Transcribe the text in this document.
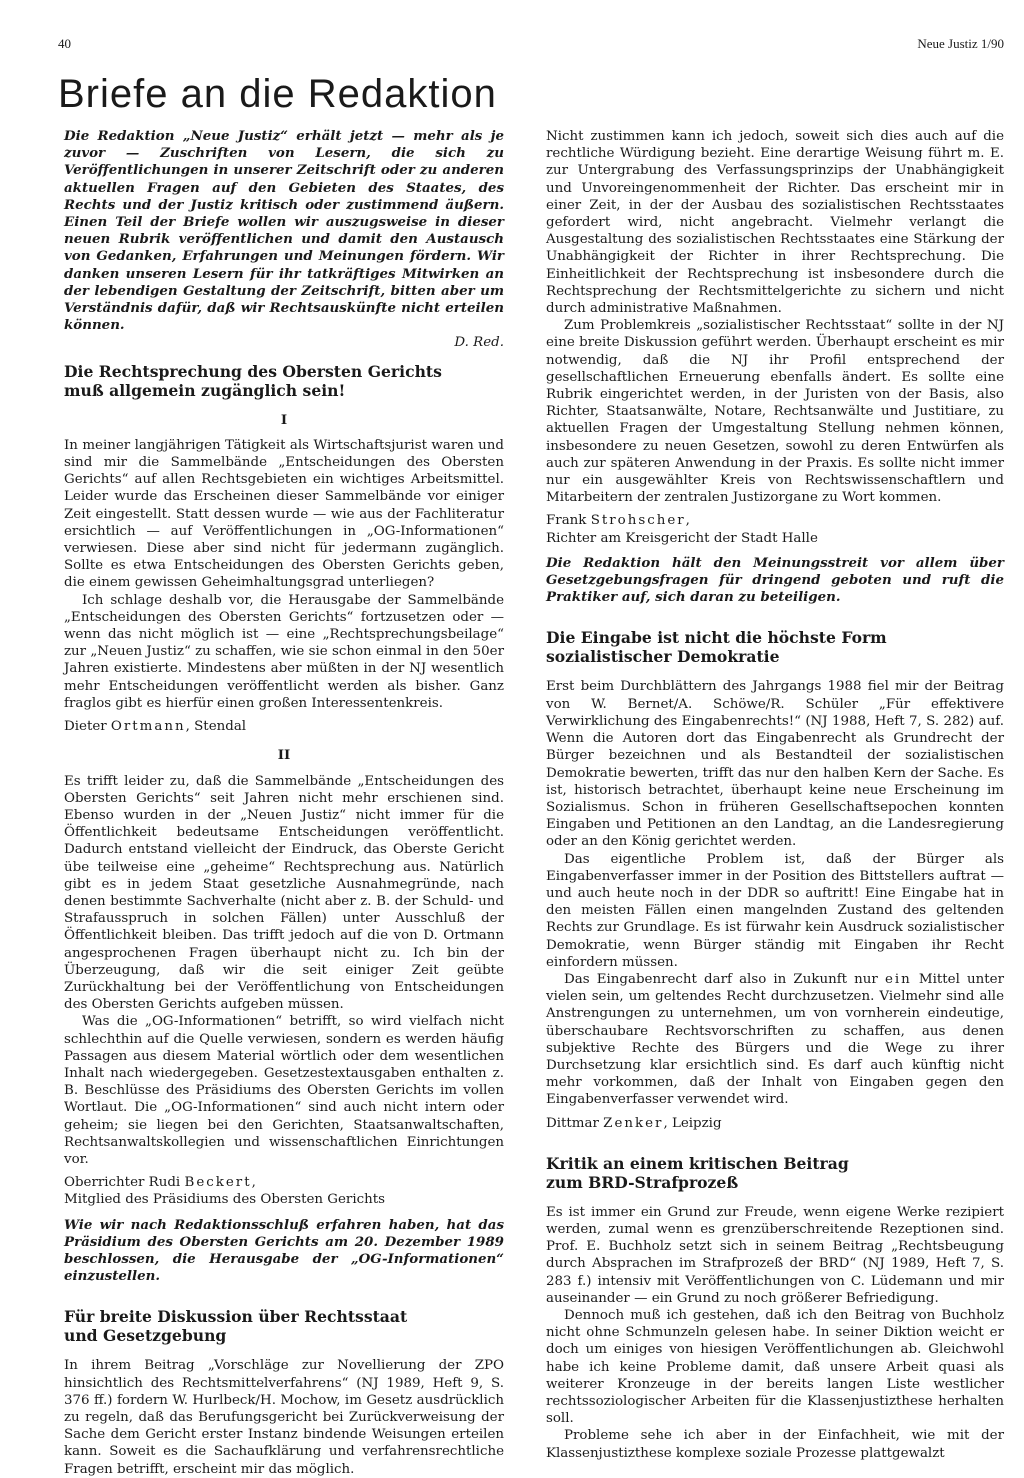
40	Neue Justiz 1/90
Briefe an die Redaktion

Die Redaktion „Neue Justiz“ erhält jetzt — mehr als je zuvor — Zuschriften von Lesern, die sich zu Veröffentlichungen in unserer Zeitschrift oder zu anderen aktuellen Fragen auf den Gebieten des Staates, des Rechts und der Justiz kritisch oder zustimmend äußern. Einen Teil der Briefe wollen wir auszugsweise in dieser neuen Rubrik veröffentlichen und damit den Austausch von Gedanken, Erfahrungen und Meinungen fördern. Wir danken unseren Lesern für ihr tatkräftiges Mitwirken an der lebendigen Gestaltung der Zeitschrift, bitten aber um Verständnis dafür, daß wir Rechtsauskünfte nicht erteilen können.

D. Red.

Die Rechtsprechung des Obersten Gerichts
muß allgemein zugänglich sein!

I

In meiner langjährigen Tätigkeit als Wirtschaftsjurist waren und sind mir die Sammelbände „Entscheidungen des Obersten Gerichts“ auf allen Rechtsgebieten ein wichtiges Arbeitsmittel. Leider wurde das Erscheinen dieser Sammelbände vor einiger Zeit eingestellt. Statt dessen wurde — wie aus der Fachliteratur ersichtlich — auf Veröffentlichungen in „OG-Informationen“ verwiesen. Diese aber sind nicht für jedermann zugänglich. Sollte es etwa Entscheidungen des Obersten Gerichts geben, die einem gewissen Geheimhaltungsgrad unterliegen?

Ich schlage deshalb vor, die Herausgabe der Sammelbände „Entscheidungen des Obersten Gerichts“ fortzusetzen oder — wenn das nicht möglich ist — eine „Rechtsprechungsbeilage“ zur „Neuen Justiz“ zu schaffen, wie sie schon einmal in den 50er Jahren existierte. Mindestens aber müßten in der NJ wesentlich mehr Entscheidungen veröffentlicht werden als bisher. Ganz fraglos gibt es hierfür einen großen Interessentenkreis.

Dieter Ortmann, Stendal

II

Es trifft leider zu, daß die Sammelbände „Entscheidungen des Obersten Gerichts“ seit Jahren nicht mehr erschienen sind. Ebenso wurden in der „Neuen Justiz“ nicht immer für die Öffentlichkeit bedeutsame Entscheidungen veröffentlicht. Dadurch entstand vielleicht der Eindruck, das Oberste Gericht übe teilweise eine „geheime“ Rechtsprechung aus. Natürlich gibt es in jedem Staat gesetzliche Ausnahmegründe, nach denen bestimmte Sachverhalte (nicht aber z. B. der Schuld- und Strafausspruch in solchen Fällen) unter Ausschluß der Öffentlichkeit bleiben. Das trifft jedoch auf die von D. Ortmann angesprochenen Fragen überhaupt nicht zu. Ich bin der Überzeugung, daß wir die seit einiger Zeit geübte Zurückhaltung bei der Veröffentlichung von Entscheidungen des Obersten Gerichts aufgeben müssen.

Was die „OG-Informationen“ betrifft, so wird vielfach nicht schlechthin auf die Quelle verwiesen, sondern es werden häufig Passagen aus diesem Material wörtlich oder dem wesentlichen Inhalt nach wiedergegeben. Gesetzestextausgaben enthalten z. B. Beschlüsse des Präsidiums des Obersten Gerichts im vollen Wortlaut. Die „OG-Informationen“ sind auch nicht intern oder geheim; sie liegen bei den Gerichten, Staatsanwaltschaften, Rechtsanwaltskollegien und wissenschaftlichen Einrichtungen vor.

Oberrichter Rudi Beckert,

Mitglied des Präsidiums des Obersten Gerichts

Wie wir nach Redaktionsschluß erfahren haben, hat das Präsidium des Obersten Gerichts am 20. Dezember 1989 beschlossen, die Herausgabe der „OG-Informationen“ einzustellen.

Für breite Diskussion über Rechtsstaat
und Gesetzgebung

In ihrem Beitrag „Vorschläge zur Novellierung der ZPO hinsichtlich des Rechtsmittelverfahrens“ (NJ 1989, Heft 9, S. 376 ff.) fordern W. Hurlbeck/H. Mochow, im Gesetz ausdrücklich zu regeln, daß das Berufungsgericht bei Zurückverweisung der Sache dem Gericht erster Instanz bindende Weisungen erteilen kann. Soweit es die Sachaufklärung und verfahrensrechtliche Fragen betrifft, erscheint mir das möglich.

Nicht zustimmen kann ich jedoch, soweit sich dies auch auf die rechtliche Würdigung bezieht. Eine derartige Weisung führt m. E. zur Untergrabung des Verfassungsprinzips der Unabhängigkeit und Unvoreingenommenheit der Richter. Das erscheint mir in einer Zeit, in der der Ausbau des sozialistischen Rechtsstaates gefordert wird, nicht angebracht. Vielmehr verlangt die Ausgestaltung des sozialistischen Rechtsstaates eine Stärkung der Unabhängigkeit der Richter in ihrer Rechtsprechung. Die Einheitlichkeit der Rechtsprechung ist insbesondere durch die Rechtsprechung der Rechtsmittelgerichte zu sichern und nicht durch administrative Maßnahmen.

Zum Problemkreis „sozialistischer Rechtsstaat“ sollte in der NJ eine breite Diskussion geführt werden. Überhaupt erscheint es mir notwendig, daß die NJ ihr Profil entsprechend der gesellschaftlichen Erneuerung ebenfalls ändert. Es sollte eine Rubrik eingerichtet werden, in der Juristen von der Basis, also Richter, Staatsanwälte, Notare, Rechtsanwälte und Justitiare, zu aktuellen Fragen der Umgestaltung Stellung nehmen können, insbesondere zu neuen Gesetzen, sowohl zu deren Entwürfen als auch zur späteren Anwendung in der Praxis. Es sollte nicht immer nur ein ausgewählter Kreis von Rechtswissenschaftlern und Mitarbeitern der zentralen Justizorgane zu Wort kommen.

Frank Strohscher,

Richter am Kreisgericht der Stadt Halle

Die Redaktion hält den Meinungsstreit vor allem über Gesetzgebungsfragen für dringend geboten und ruft die Praktiker auf, sich daran zu beteiligen.

Die Eingabe ist nicht die höchste Form
sozialistischer Demokratie

Erst beim Durchblättern des Jahrgangs 1988 fiel mir der Beitrag von W. Bernet/A. Schöwe/R. Schüler „Für effektivere Verwirklichung des Eingabenrechts!“ (NJ 1988, Heft 7, S. 282) auf. Wenn die Autoren dort das Eingabenrecht als Grundrecht der Bürger bezeichnen und als Bestandteil der sozialistischen Demokratie bewerten, trifft das nur den halben Kern der Sache. Es ist, historisch betrachtet, überhaupt keine neue Erscheinung im Sozialismus. Schon in früheren Gesellschaftsepochen konnten Eingaben und Petitionen an den Landtag, an die Landesregierung oder an den König gerichtet werden.

Das eigentliche Problem ist, daß der Bürger als Eingabenverfasser immer in der Position des Bittstellers auftrat — und auch heute noch in der DDR so auftritt! Eine Eingabe hat in den meisten Fällen einen mangelnden Zustand des geltenden Rechts zur Grundlage. Es ist fürwahr kein Ausdruck sozialistischer Demokratie, wenn Bürger ständig mit Eingaben ihr Recht einfordern müssen.

Das Eingabenrecht darf also in Zukunft nur ein Mittel unter vielen sein, um geltendes Recht durchzusetzen. Vielmehr sind alle Anstrengungen zu unternehmen, um von vornherein eindeutige, überschaubare Rechtsvorschriften zu schaffen, aus denen subjektive Rechte des Bürgers und die Wege zu ihrer Durchsetzung klar ersichtlich sind. Es darf auch künftig nicht mehr vorkommen, daß der Inhalt von Eingaben gegen den Eingabenverfasser verwendet wird.

Dittmar Zenker, Leipzig

Kritik an einem kritischen Beitrag
zum BRD-Strafprozeß

Es ist immer ein Grund zur Freude, wenn eigene Werke rezipiert werden, zumal wenn es grenzüberschreitende Rezeptionen sind. Prof. E. Buchholz setzt sich in seinem Beitrag „Rechtsbeugung durch Absprachen im Strafprozeß der BRD“ (NJ 1989, Heft 7, S. 283 f.) intensiv mit Veröffentlichungen von C. Lüdemann und mir auseinander — ein Grund zu noch größerer Befriedigung.

Dennoch muß ich gestehen, daß ich den Beitrag von Buchholz nicht ohne Schmunzeln gelesen habe. In seiner Diktion weicht er doch um einiges von hiesigen Veröffentlichungen ab. Gleichwohl habe ich keine Probleme damit, daß unsere Arbeit quasi als weiterer Kronzeuge in der bereits langen Liste westlicher rechtssoziologischer Arbeiten für die Klassenjustizthese herhalten soll.

Probleme sehe ich aber in der Einfachheit, wie mit der Klassenjustizthese komplexe soziale Prozesse plattgewalzt
